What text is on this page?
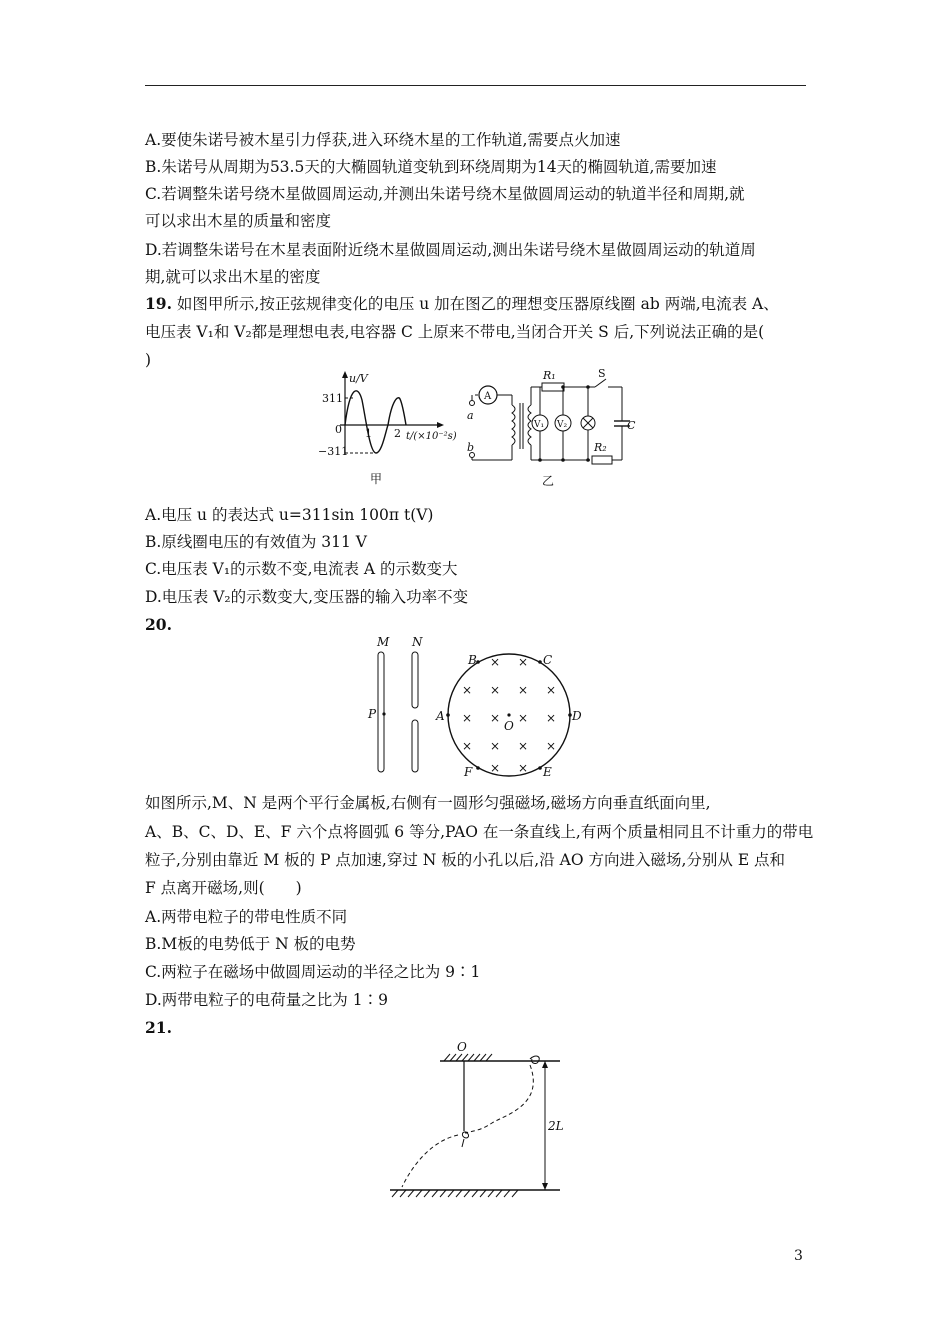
A.要使朱诺号被木星引力俘获,进入环绕木星的工作轨道,需要点火加速
B.朱诺号从周期为53.5天的大椭圆轨道变轨到环绕周期为14天的椭圆轨道,需要加速
C.若调整朱诺号绕木星做圆周运动,并测出朱诺号绕木星做圆周运动的轨道半径和周期,就
可以求出木星的质量和密度
D.若调整朱诺号在木星表面附近绕木星做圆周运动,测出朱诺号绕木星做圆周运动的轨道周
期,就可以求出木星的密度
19. 如图甲所示,按正弦规律变化的电压 u 加在图乙的理想变压器原线圈 ab 两端,电流表 A、
电压表 V₁和 V₂都是理想电表,电容器 C 上原来不带电,当闭合开关 S 后,下列说法正确的是(
)
u/V
311
−311
0 1 2 t/(×10⁻²s)
甲
a
b
A
R₁
V₁ V₂
S
C
R₂
乙
A.电压 u 的表达式 u=311sin 100π t(V)
B.原线圈电压的有效值为 311 V
C.电压表 V₁的示数不变,电流表 A 的示数变大
D.电压表 V₂的示数变大,变压器的输入功率不变
20.
M N
P	A	D
B	C
F	E
O
× ×
× × × ×
× × × ×
× × × ×
× ×
如图所示,M、N 是两个平行金属板,右侧有一圆形匀强磁场,磁场方向垂直纸面向里,
A、B、C、D、E、F 六个点将圆弧 6 等分,PAO 在一条直线上,有两个质量相同且不计重力的带电
粒子,分别由靠近 M 板的 P 点加速,穿过 N 板的小孔以后,沿 AO 方向进入磁场,分别从 E 点和
F 点离开磁场,则(　　)
A.两带电粒子的带电性质不同
B.M板的电势低于 N 板的电势
C.两粒子在磁场中做圆周运动的半径之比为 9∶1
D.两带电粒子的电荷量之比为 1∶9
21.
O
2L
3
